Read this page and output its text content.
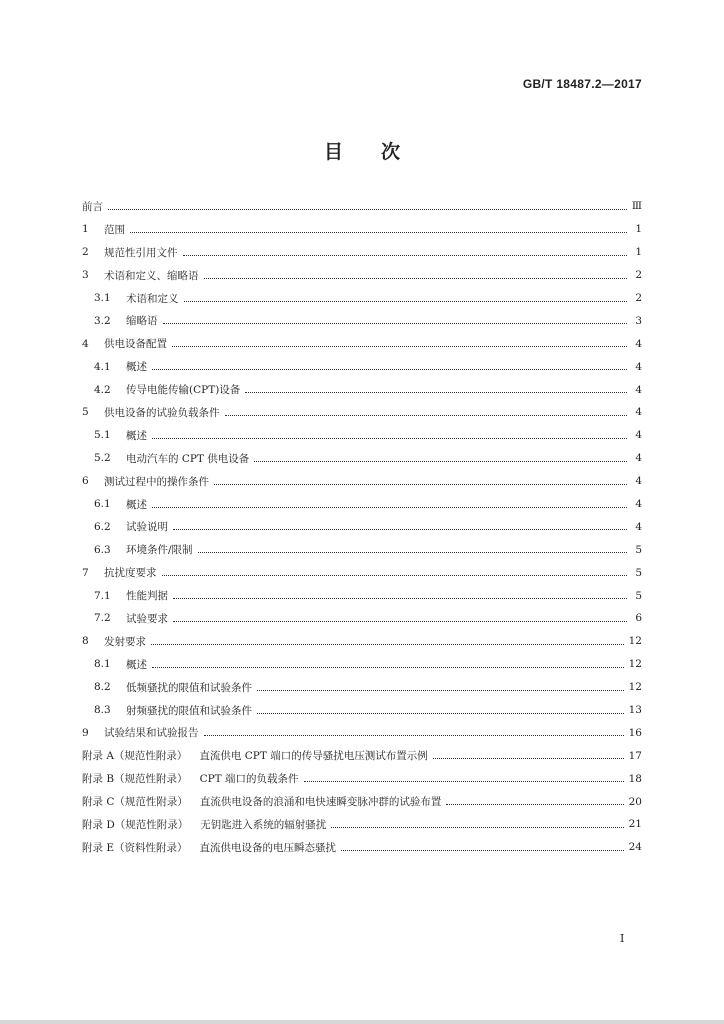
GB/T 18487.2—2017
目 次
前言	Ⅲ
1	范围	1
2	规范性引用文件	1
3	术语和定义、缩略语	2
3.1	术语和定义	2
3.2	缩略语	3
4	供电设备配置	4
4.1	概述	4
4.2	传导电能传输(CPT)设备	4
5	供电设备的试验负载条件	4
5.1	概述	4
5.2	电动汽车的 CPT 供电设备	4
6	测试过程中的操作条件	4
6.1	概述	4
6.2	试验说明	4
6.3	环境条件/限制	5
7	抗扰度要求	5
7.1	性能判据	5
7.2	试验要求	6
8	发射要求	12
8.1	概述	12
8.2	低频骚扰的限值和试验条件	12
8.3	射频骚扰的限值和试验条件	13
9	试验结果和试验报告	16
附录 A（规范性附录） 直流供电 CPT 端口的传导骚扰电压测试布置示例	17
附录 B（规范性附录） CPT 端口的负载条件	18
附录 C（规范性附录） 直流供电设备的浪涌和电快速瞬变脉冲群的试验布置	20
附录 D（规范性附录） 无钥匙进入系统的辐射骚扰	21
附录 E（资料性附录） 直流供电设备的电压瞬态骚扰	24
Ⅰ
